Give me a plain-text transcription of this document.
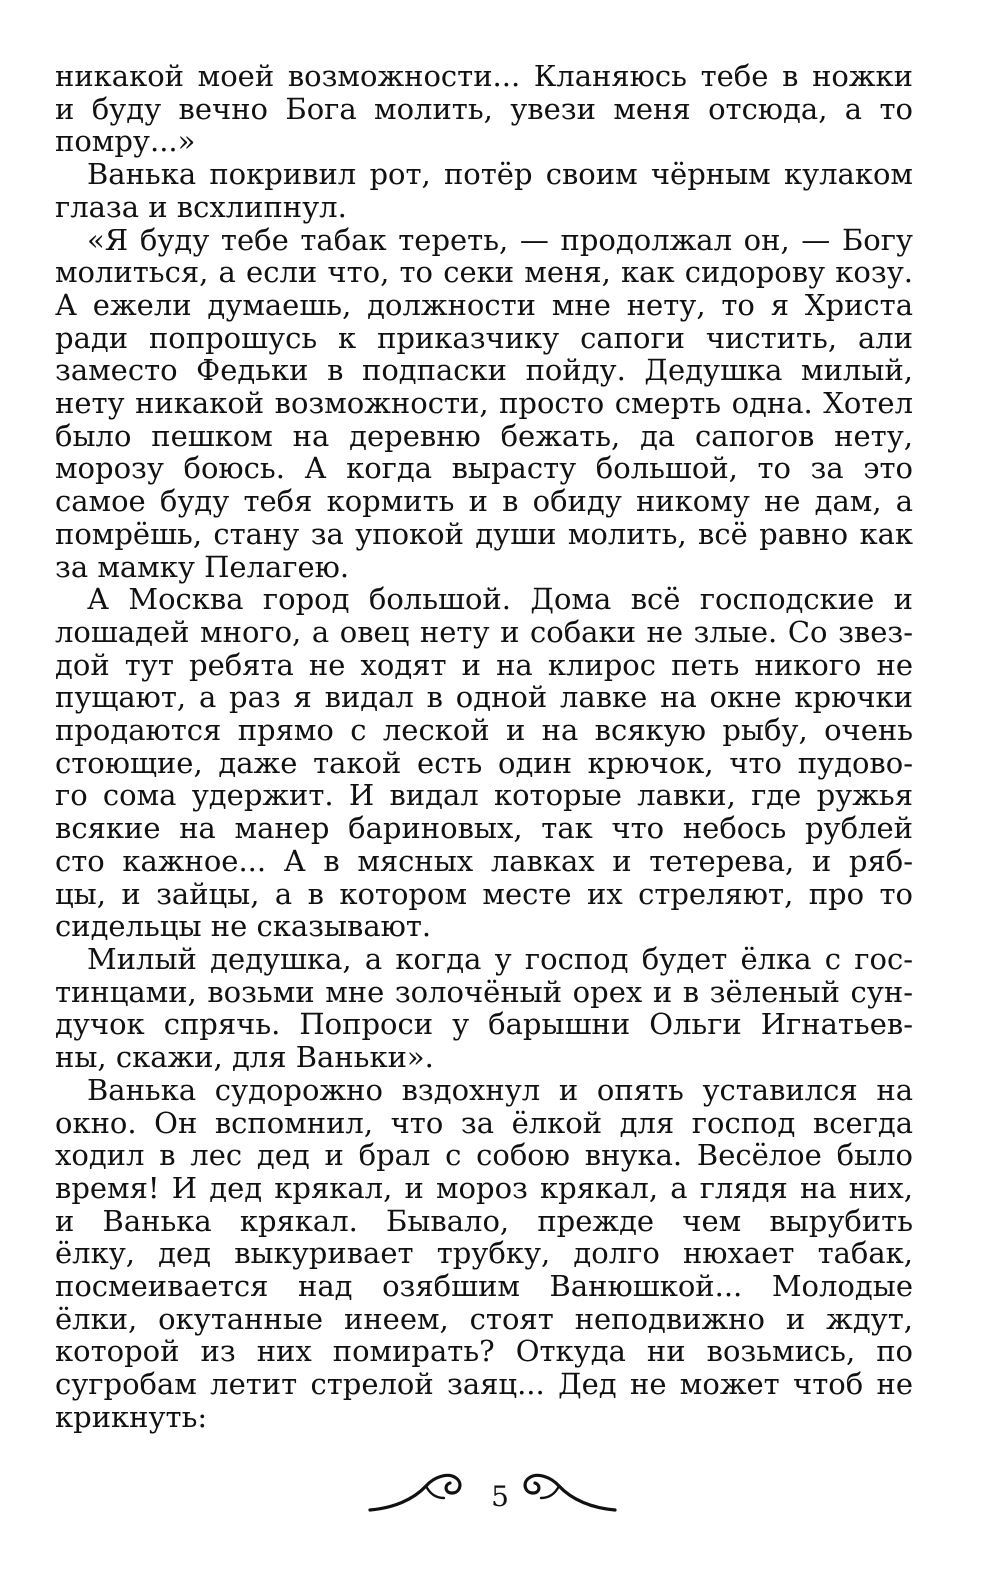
никакой моей возможности... Кланяюсь тебе в ножки
и буду вечно Бога молить, увези меня отсюда, а то
помру...»
Ванька покривил рот, потёр своим чёрным кулаком
глаза и всхлипнул.
«Я буду тебе табак тереть, — продолжал он, — Богу
молиться, а если что, то секи меня, как сидорову козу.
А ежели думаешь, должности мне нету, то я Христа
ради попрошусь к приказчику сапоги чистить, али
заместо Федьки в подпаски пойду. Дедушка милый,
нету никакой возможности, просто смерть одна. Хотел
было пешком на деревню бежать, да сапогов нету,
морозу боюсь. А когда вырасту большой, то за это
самое буду тебя кормить и в обиду никому не дам, а
помрёшь, стану за упокой души молить, всё равно как
за мамку Пелагею.
А Москва город большой. Дома всё господские и
лошадей много, а овец нету и собаки не злые. Со звез-
дой тут ребята не ходят и на клирос петь никого не
пущают, а раз я видал в одной лавке на окне крючки
продаются прямо с леской и на всякую рыбу, очень
стоющие, даже такой есть один крючок, что пудово-
го сома удержит. И видал которые лавки, где ружья
всякие на манер бариновых, так что небось рублей
сто кажное... А в мясных лавках и тетерева, и ряб-
цы, и зайцы, а в котором месте их стреляют, про то
сидельцы не сказывают.
Милый дедушка, а когда у господ будет ёлка с гос-
тинцами, возьми мне золочёный орех и в зёленый сун-
дучок спрячь. Попроси у барышни Ольги Игнатьев-
ны, скажи, для Ваньки».
Ванька судорожно вздохнул и опять уставился на
окно. Он вспомнил, что за ёлкой для господ всегда
ходил в лес дед и брал с собою внука. Весёлое было
время! И дед крякал, и мороз крякал, а глядя на них,
и Ванька крякал. Бывало, прежде чем вырубить
ёлку, дед выкуривает трубку, долго нюхает табак,
посмеивается над озябшим Ванюшкой... Молодые
ёлки, окутанные инеем, стоят неподвижно и ждут,
которой из них помирать? Откуда ни возьмись, по
сугробам летит стрелой заяц... Дед не может чтоб не
крикнуть:
5
